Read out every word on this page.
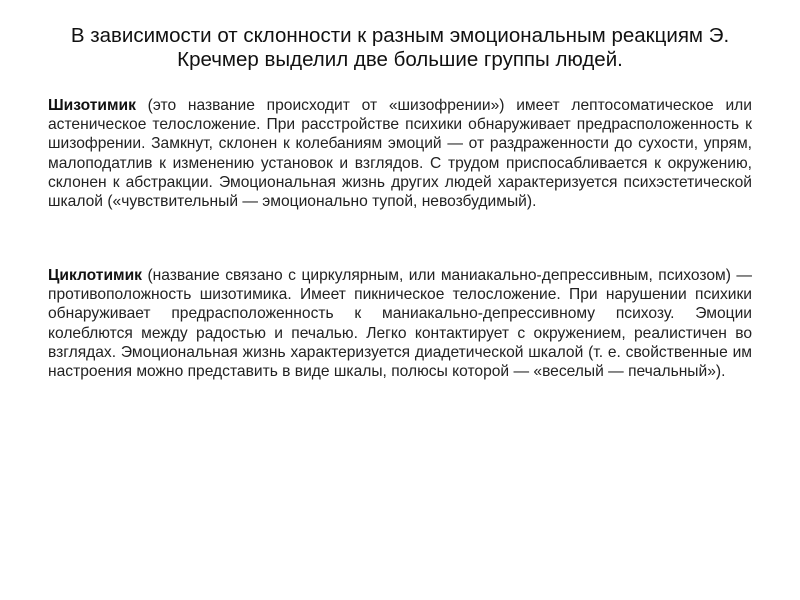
В зависимости от склонности к разным эмоциональным реакциям Э. Кречмер выделил две большие группы людей.
Шизотимик (это название происходит от «шизофрении») имеет лептосоматическое или астеническое телосложение. При расстройстве психики обнаруживает предрасположенность к шизофрении. Замкнут, склонен к колебаниям эмоций — от раздраженности до сухости, упрям, малоподатлив к изменению установок и взглядов. С трудом приспосабливается к окружению, склонен к абстракции. Эмоциональная жизнь других людей характеризуется психэстетической шкалой («чувствительный — эмоционально тупой, невозбудимый).
Циклотимик (название связано с циркулярным, или маниакально-депрессивным, психозом) — противоположность шизотимика. Имеет пикническое телосложение. При нарушении психики обнаруживает предрасположенность к маниакально-депрессивному психозу. Эмоции колеблются между радостью и печалью. Легко контактирует с окружением, реалистичен во взглядах. Эмоциональная жизнь характеризуется диадетической шкалой (т. е. свойственные им настроения можно представить в виде шкалы, полюсы которой — «веселый — печальный»).
